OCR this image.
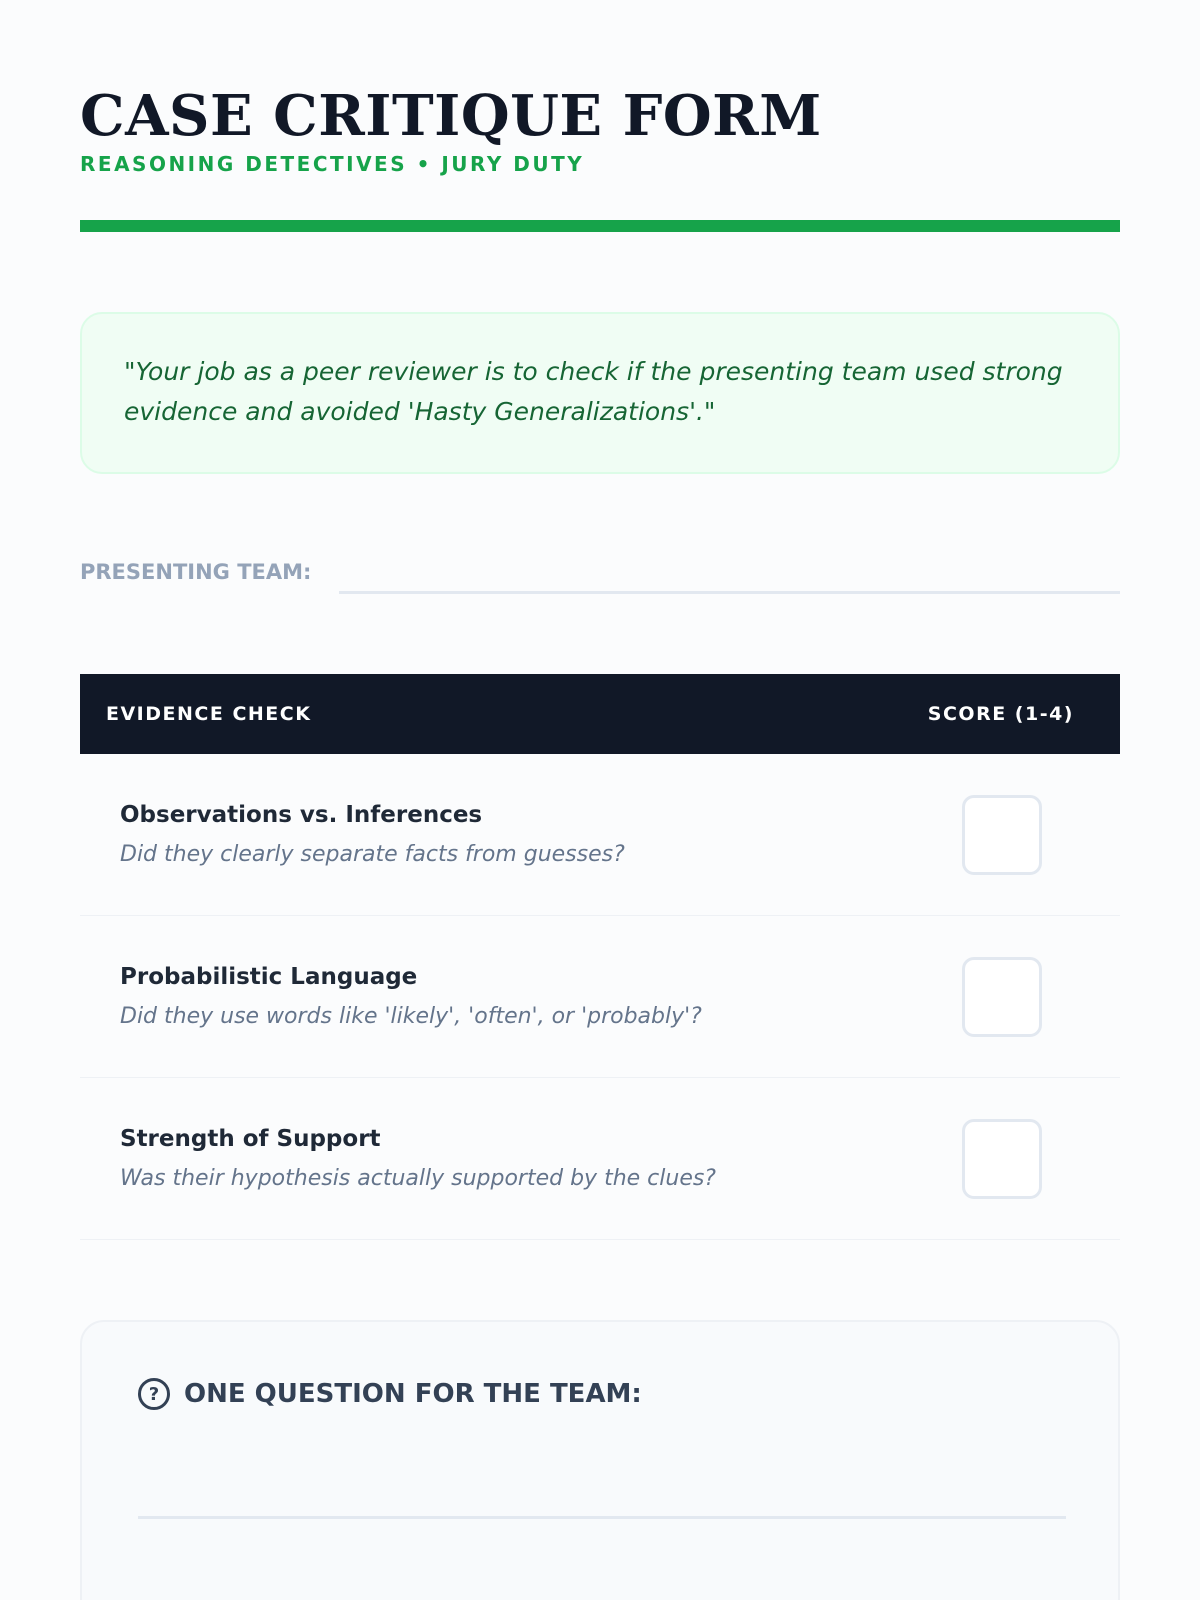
CASE CRITIQUE FORM
REASONING DETECTIVES • JURY DUTY
"Your job as a peer reviewer is to check if the presenting team used strong evidence and avoided 'Hasty Generalizations'."
PRESENTING TEAM:
EVIDENCE CHECK	SCORE (1-4)
Observations vs. Inferences
Did they clearly separate facts from guesses?
Probabilistic Language
Did they use words like 'likely', 'often', or 'probably'?
Strength of Support
Was their hypothesis actually supported by the clues?
? ONE QUESTION FOR THE TEAM:
